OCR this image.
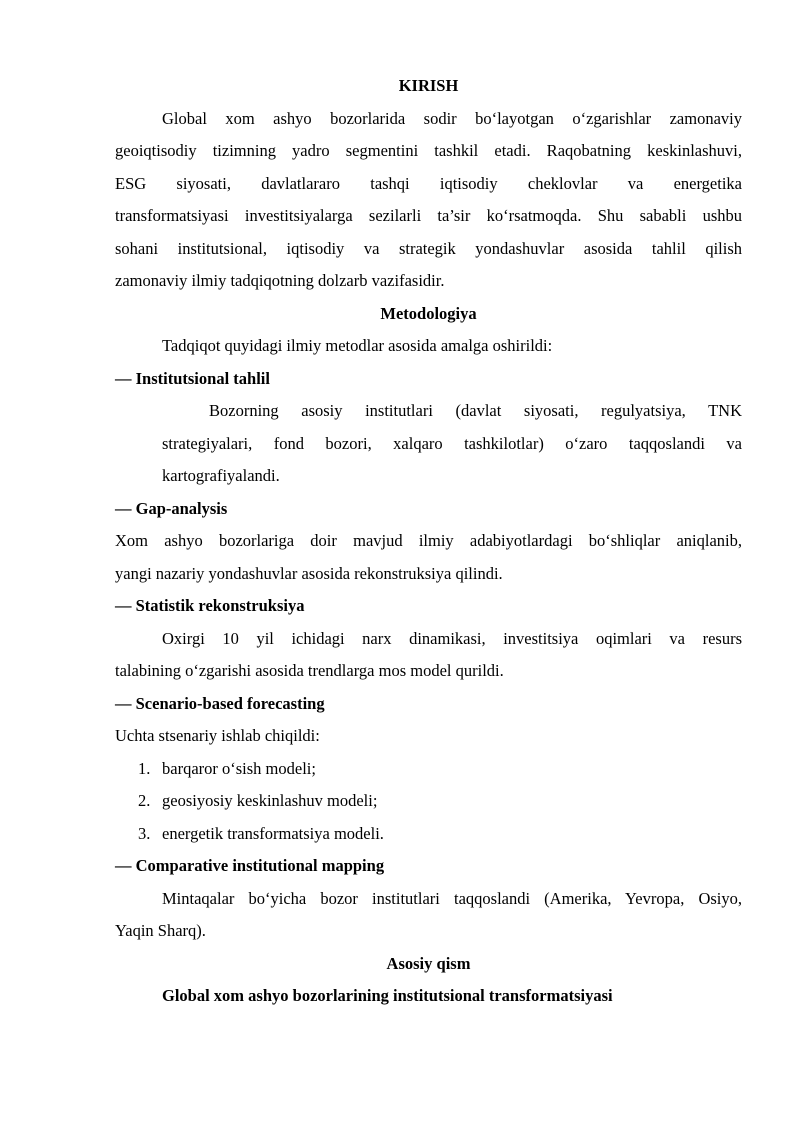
KIRISH
Global xom ashyo bozorlarida sodir bo‘layotgan o‘zgarishlar zamonaviy
geoiqtisodiy tizimning yadro segmentini tashkil etadi. Raqobatning keskinlashuvi,
ESG siyosati, davlatlararo tashqi iqtisodiy cheklovlar va energetika
transformatsiyasi investitsiyalarga sezilarli ta’sir ko‘rsatmoqda. Shu sababli ushbu
sohani institutsional, iqtisodiy va strategik yondashuvlar asosida tahlil qilish
zamonaviy ilmiy tadqiqotning dolzarb vazifasidir.
Metodologiya
Tadqiqot quyidagi ilmiy metodlar asosida amalga oshirildi:
— Institutsional tahlil
Bozorning asosiy institutlari (davlat siyosati, regulyatsiya, TNK
strategiyalari, fond bozori, xalqaro tashkilotlar) o‘zaro taqqoslandi va
kartografiyalandi.
— Gap-analysis
Xom ashyo bozorlariga doir mavjud ilmiy adabiyotlardagi bo‘shliqlar aniqlanib,
yangi nazariy yondashuvlar asosida rekonstruksiya qilindi.
— Statistik rekonstruksiya
Oxirgi 10 yil ichidagi narx dinamikasi, investitsiya oqimlari va resurs
talabining o‘zgarishi asosida trendlarga mos model qurildi.
— Scenario-based forecasting
Uchta stsenariy ishlab chiqildi:
1. barqaror o‘sish modeli;
2. geosiyosiy keskinlashuv modeli;
3. energetik transformatsiya modeli.
— Comparative institutional mapping
Mintaqalar bo‘yicha bozor institutlari taqqoslandi (Amerika, Yevropa, Osiyo,
Yaqin Sharq).
Asosiy qism
Global xom ashyo bozorlarining institutsional transformatsiyasi
